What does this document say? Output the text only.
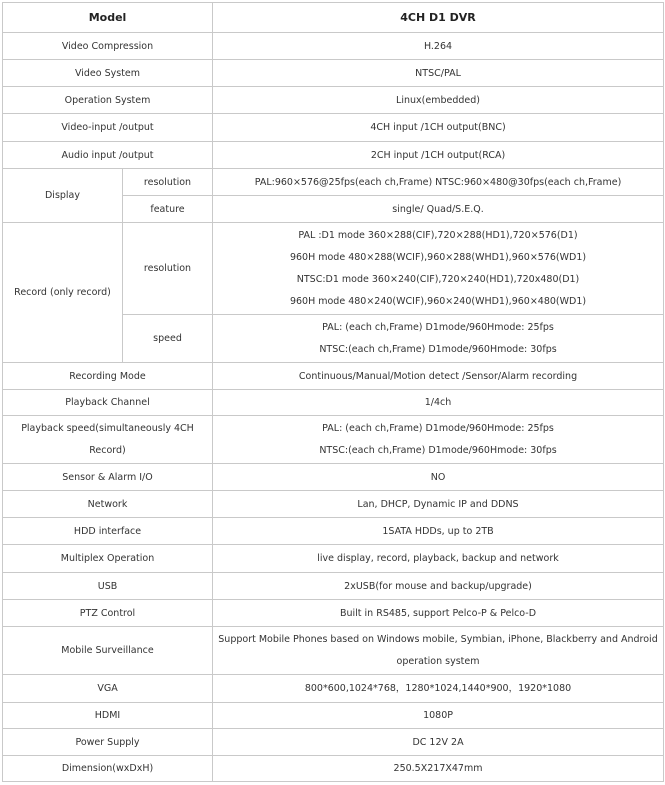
Model		4CH D1 DVR
Video Compression		H.264
Video System		NTSC/PAL
Operation System		Linux(embedded)
Video-input /output		4CH input /1CH output(BNC)
Audio input /output		2CH input /1CH output(RCA)
Display	resolution	PAL:960×576@25fps(each ch,Frame) NTSC:960×480@30fps(each ch,Frame)
	feature	single/ Quad/S.E.Q.
Record (only record)	resolution	PAL :D1 mode 360×288(CIF),720×288(HD1),720×576(D1)
960H mode 480×288(WCIF),960×288(WHD1),960×576(WD1)
NTSC:D1 mode 360×240(CIF),720×240(HD1),720x480(D1)
960H mode 480×240(WCIF),960×240(WHD1),960×480(WD1)

	speed	PAL: (each ch,Frame) D1mode/960Hmode: 25fps
NTSC:(each ch,Frame) D1mode/960Hmode: 30fps

Recording Mode		Continuous/Manual/Motion detect /Sensor/Alarm recording
Playback Channel		1/4ch

Playback speed(simultaneously 4CH
Record)		PAL: (each ch,Frame) D1mode/960Hmode: 25fps
NTSC:(each ch,Frame) D1mode/960Hmode: 30fps

Sensor & Alarm I/O		NO
Network		Lan, DHCP, Dynamic IP and DDNS
HDD interface		1SATA HDDs, up to 2TB
Multiplex Operation		live display, record, playback, backup and network
USB		2xUSB(for mouse and backup/upgrade)
PTZ Control		Built in RS485, support Pelco-P & Pelco-D
Mobile Surveillance		Support Mobile Phones based on Windows mobile, Symbian, iPhone, Blackberry and Android
operation system

VGA		800*600,1024*768，1280*1024,1440*900，1920*1080
HDMI		1080P
Power Supply		DC 12V 2A
Dimension(wxDxH)		250.5X217X47mm
